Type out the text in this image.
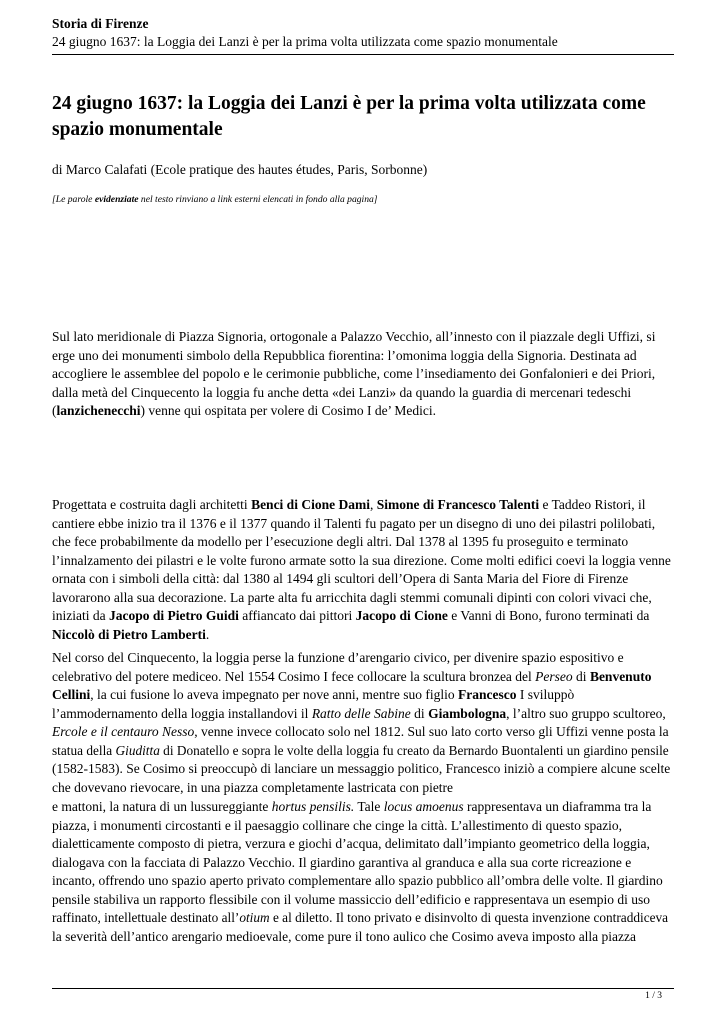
Storia di Firenze

24 giugno 1637: la Loggia dei Lanzi è per la prima volta utilizzata come spazio monumentale

24 giugno 1637: la Loggia dei Lanzi è per la prima volta utilizzata come spazio monumentale

di Marco Calafati (Ecole pratique des hautes études, Paris, Sorbonne)

[Le parole evidenziate nel testo rinviano a link esterni elencati in fondo alla pagina]

Sul lato meridionale di Piazza Signoria, ortogonale a Palazzo Vecchio, all’innesto con il piazzale degli Uffizi, si
erge uno dei monumenti simbolo della Repubblica fiorentina: l’omonima loggia della Signoria. Destinata ad
accogliere le assemblee del popolo e le cerimonie pubbliche, come l’insediamento dei Gonfalonieri e dei Priori,
dalla metà del Cinquecento la loggia fu anche detta «dei Lanzi» da quando la guardia di mercenari tedeschi
(lanzichenecchi) venne qui ospitata per volere di Cosimo I de’ Medici.

Progettata e costruita dagli architetti Benci di Cione Dami, Simone di Francesco Talenti e Taddeo Ristori, il
cantiere ebbe inizio tra il 1376 e il 1377 quando il Talenti fu pagato per un disegno di uno dei pilastri polilobati,
che fece probabilmente da modello per l’esecuzione degli altri. Dal 1378 al 1395 fu proseguito e terminato
l’innalzamento dei pilastri e le volte furono armate sotto la sua direzione. Come molti edifici coevi la loggia venne
ornata con i simboli della città: dal 1380 al 1494 gli scultori dell’Opera di Santa Maria del Fiore di Firenze
lavorarono alla sua decorazione. La parte alta fu arricchita dagli stemmi comunali dipinti con colori vivaci che,
iniziati da Jacopo di Pietro Guidi affiancato dai pittori Jacopo di Cione e Vanni di Bono, furono terminati da
Niccolò di Pietro Lamberti.

Nel corso del Cinquecento, la loggia perse la funzione d’arengario civico, per divenire spazio espositivo e
celebrativo del potere mediceo. Nel 1554 Cosimo I fece collocare la scultura bronzea del Perseo di Benvenuto
Cellini, la cui fusione lo aveva impegnato per nove anni, mentre suo figlio Francesco I sviluppò
l’ammodernamento della loggia installandovi il Ratto delle Sabine di Giambologna, l’altro suo gruppo scultoreo,
Ercole e il centauro Nesso, venne invece collocato solo nel 1812. Sul suo lato corto verso gli Uffizi venne posta la
statua della Giuditta di Donatello e sopra le volte della loggia fu creato da Bernardo Buontalenti un giardino pensile
(1582-1583). Se Cosimo si preoccupò di lanciare un messaggio politico, Francesco iniziò a compiere alcune scelte
che dovevano rievocare, in una piazza completamente lastricata con pietre

e mattoni, la natura di un lussureggiante hortus pensilis. Tale locus amoenus rappresentava un diaframma tra la
piazza, i monumenti circostanti e il paesaggio collinare che cinge la città. L’allestimento di questo spazio,
dialetticamente composto di pietra, verzura e giochi d’acqua, delimitato dall’impianto geometrico della loggia,
dialogava con la facciata di Palazzo Vecchio. Il giardino garantiva al granduca e alla sua corte ricreazione e
incanto, offrendo uno spazio aperto privato complementare allo spazio pubblico all’ombra delle volte. Il giardino
pensile stabiliva un rapporto flessibile con il volume massiccio dell’edificio e rappresentava un esempio di uso
raffinato, intellettuale destinato all’otium e al diletto. Il tono privato e disinvolto di questa invenzione contraddiceva
la severità dell’antico arengario medioevale, come pure il tono aulico che Cosimo aveva imposto alla piazza

1 / 3
